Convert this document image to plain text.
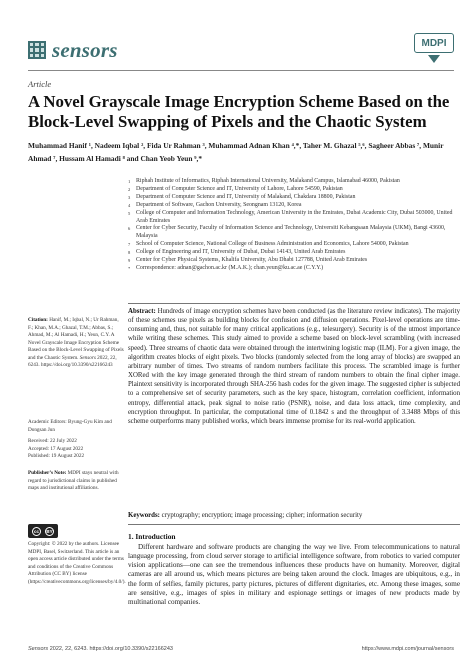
sensors	MDPI
Article
A Novel Grayscale Image Encryption Scheme Based on the Block-Level Swapping of Pixels and the Chaotic System

Muhammad Hanif ¹, Nadeem Iqbal ², Fida Ur Rahman ³, Muhammad Adnan Khan ⁴,*, Taher M. Ghazal ⁵,⁶, Sagheer Abbas ⁷, Munir Ahmad ⁷, Hussam Al Hamadi ⁸ and Chan Yeob Yeun ⁹,*

1 Riphah Institute of Informatics, Riphah International University, Malakand Campus, Islamabad 46000, Pakistan
2 Department of Computer Science and IT, University of Lahore, Lahore 54590, Pakistan
3 Department of Computer Science and IT, University of Malakand, Chakdara 18800, Pakistan
4 Department of Software, Gachon University, Seongnam 13120, Korea
5 College of Computer and Information Technology, American University in the Emirates, Dubai Academic City, Dubai 503000, United Arab Emirates
6 Center for Cyber Security, Faculty of Information Science and Technology, Universiti Kebangsaan Malaysia (UKM), Bangi 43600, Malaysia
7 School of Computer Science, National College of Business Administration and Economics, Lahore 54000, Pakistan
8 College of Engineering and IT, University of Dubai, Dubai 14143, United Arab Emirates
9 Center for Cyber Physical Systems, Khalifa University, Abu Dhabi 127788, United Arab Emirates
* Correspondence: adnan@gachon.ac.kr (M.A.K.); chan.yeun@ku.ac.ae (C.Y.Y.)

Abstract: Hundreds of image encryption schemes have been conducted (as the literature review indicates). The majority of these schemes use pixels as building blocks for confusion and diffusion operations. Pixel-level operations are time-consuming and, thus, not suitable for many critical applications (e.g., telesurgery). Security is of the utmost importance while writing these schemes. This study aimed to provide a scheme based on block-level scrambling (with increased speed). Three streams of chaotic data were obtained through the intertwining logistic map (ILM). For a given image, the algorithm creates blocks of eight pixels. Two blocks (randomly selected from the long array of blocks) are swapped an arbitrary number of times. Two streams of random numbers facilitate this process. The scrambled image is further XORed with the key image generated through the third stream of random numbers to obtain the final cipher image. Plaintext sensitivity is incorporated through SHA-256 hash codes for the given image. The suggested cipher is subjected to a comprehensive set of security parameters, such as the key space, histogram, correlation coefficient, information entropy, differential attack, peak signal to noise ratio (PSNR), noise, and data loss attack, time complexity, and encryption throughput. In particular, the computational time of 0.1842 s and the throughput of 3.3488 Mbps of this scheme outperforms many published works, which bears immense promise for its real-world application.

Keywords: cryptography; encryption; image processing; cipher; information security

1. Introduction

Different hardware and software products are changing the way we live. From telecommunications to natural language processing, from cloud server storage to artificial intelligence software, from robotics to varied computer vision applications—one can see the tremendous influences these products have on humanity. Moreover, digital cameras are all around us, which means pictures are being taken around the clock. Images are ubiquitous, e.g., in the form of selfies, family pictures, party pictures, pictures of different dignitaries, etc. Among these images, some are sensitive, e.g., images of spies in military and espionage settings or images of new products made by multinational companies.

Citation: Hanif, M.; Iqbal, N.; Ur Rahman, F.; Khan, M.A.; Ghazal, T.M.; Abbas, S.; Ahmad, M.; Al Hamadi, H.; Yeun, C.Y. A Novel Grayscale Image Encryption Scheme Based on the Block-Level Swapping of Pixels and the Chaotic System. Sensors 2022, 22, 6243. https://doi.org/10.3390/s22166243

Academic Editors: Byung-Gyu Kim and Dongsan Jun

Received: 22 July 2022
Accepted: 17 August 2022
Published: 19 August 2022

Publisher’s Note: MDPI stays neutral with regard to jurisdictional claims in published maps and institutional affiliations.

cc	BY

Copyright: © 2022 by the authors. Licensee MDPI, Basel, Switzerland. This article is an open access article distributed under the terms and conditions of the Creative Commons Attribution (CC BY) license (https://creativecommons.org/licenses/by/4.0/).

Sensors 2022, 22, 6243. https://doi.org/10.3390/s22166243	https://www.mdpi.com/journal/sensors
